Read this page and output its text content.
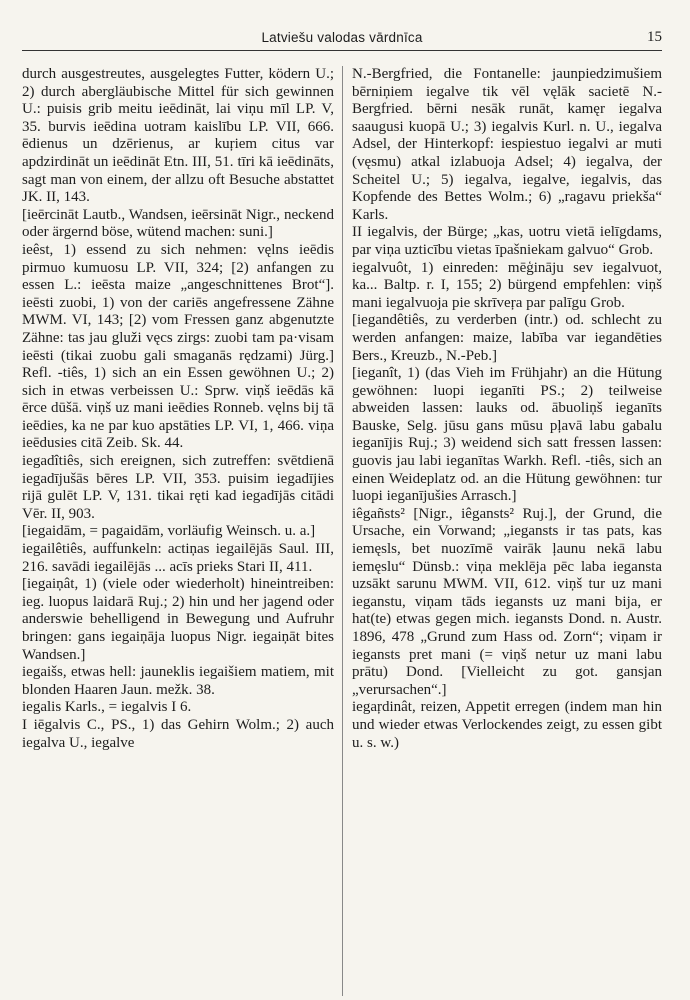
Latviešu valodas vārdnīca	15

durch ausgestreutes, ausgelegtes Futter, ködern U.; 2) durch abergläubische Mittel für sich gewinnen U.: puisis grib meitu ieēdināt, lai viņu mīl LP. V, 35. burvis ieēdina uotram kaislību LP. VII, 666. ēdienus un dzērienus, ar kuŗiem citus var apdzirdināt un ieēdināt Etn. III, 51. tīri kā ieēdināts, sagt man von einem, der allzu oft Besuche abstattet JK. II, 143.

[ieērcināt Lautb., Wandsen, ieērsināt Nigr., neckend oder ärgernd böse, wütend machen: suni.]

ieêst, 1) essend zu sich nehmen: vęlns ieēdis pirmuo kumuosu LP. VII, 324; [2) anfangen zu essen L.: ieēsta maize „angeschnittenes Brot“]. ieēsti zuobi, 1) von der cariēs angefressene Zähne MWM. VI, 143; [2) vom Fressen ganz abgenutzte Zähne: tas jau gluži vęcs zirgs: zuobi tam pa·visam ieēsti (tikai zuobu gali smaganās rędzami) Jürg.] Refl. -tiês, 1) sich an ein Essen gewöhnen U.; 2) sich in etwas verbeissen U.: Sprw. viņš ieēdās kā ērce dūšā. viņš uz mani ieēdies Ronneb. vęlns bij tā ieēdies, ka ne par kuo apstāties LP. VI, 1, 466. viņa ieēdusies citā Zeib. Sk. 44.

iegadîtiês, sich ereignen, sich zutreffen: svētdienā iegadījušās bēres LP. VII, 353. puisim iegadījies rijā gulēt LP. V, 131. tikai ręti kad iegadījās citādi Vēr. II, 903.

[iegaidām, = pagaidām, vorläufig Weinsch. u. a.]

iegailêtiês, auffunkeln: actiņas iegailējās Saul. III, 216. savādi iegailējās ... acīs prieks Stari II, 411.

[iegaiņât, 1) (viele oder wiederholt) hineintreiben: ieg. luopus laidarā Ruj.; 2) hin und her jagend oder anderswie behelligend in Bewegung und Aufruhr bringen: gans iegaiņāja luopus Nigr. iegaiņāt bites Wandsen.]

iegaišs, etwas hell: jauneklis iegaišiem matiem, mit blonden Haaren Jaun. mežk. 38.

iegalis Karls., = iegalvis I 6.

I iēgalvis C., PS., 1) das Gehirn Wolm.; 2) auch iegalva U., iegalve

N.-Bergfried, die Fontanelle: jaunpiedzimušiem bērniņiem iegalve tik vēl vęlāk sacietē N.-Bergfried. bērni nesāk runāt, kamęr iegalva saaugusi kuopā U.; 3) iegalvis Kurl. n. U., iegalva Adsel, der Hinterkopf: iespiestuo iegalvi ar muti (vęsmu) atkal izlabuoja Adsel; 4) iegalva, der Scheitel U.; 5) iegalva, iegalve, iegalvis, das Kopfende des Bettes Wolm.; 6) „ragavu priekša“ Karls.

II iegalvis, der Bürge; „kas, uotru vietā ielīgdams, par viņa uzticību vietas īpašniekam galvuo“ Grob.

iegalvuôt, 1) einreden: mēģināju sev iegalvuot, ka... Baltp. r. I, 155; 2) bürgend empfehlen: viņš mani iegalvuoja pie skrīveŗa par palīgu Grob.

[iegandêtiês, zu verderben (intr.) od. schlecht zu werden anfangen: maize, labība var iegandēties Bers., Kreuzb., N.-Peb.]

[ieganît, 1) (das Vieh im Frühjahr) an die Hütung gewöhnen: luopi ieganīti PS.; 2) teilweise abweiden lassen: lauks od. ābuoliņš ieganīts Bauske, Selg. jūsu gans mūsu pļavā labu gabalu ieganījis Ruj.; 3) weidend sich satt fressen lassen: guovis jau labi ieganītas Warkh. Refl. -tiês, sich an einen Weideplatz od. an die Hütung gewöhnen: tur luopi ieganījušies Arrasch.]

iêgañsts² [Nigr., iêgansts² Ruj.], der Grund, die Ursache, ein Vorwand; „iegansts ir tas pats, kas iemęsls, bet nuozīmē vairāk ļaunu nekā labu iemęslu“ Dünsb.: viņa meklēja pēc laba iegansta uzsākt sarunu MWM. VII, 612. viņš tur uz mani ieganstu, viņam tāds iegansts uz mani bija, er hat(te) etwas gegen mich. iegansts Dond. n. Austr. 1896, 478 „Grund zum Hass od. Zorn“; viņam ir iegansts pret mani (= viņš netur uz mani labu prātu) Dond. [Vielleicht zu got. gansjan „verursachen“.]

iegaŗdinât, reizen, Appetit erregen (indem man hin und wieder etwas Verlockendes zeigt, zu essen gibt u. s. w.)
